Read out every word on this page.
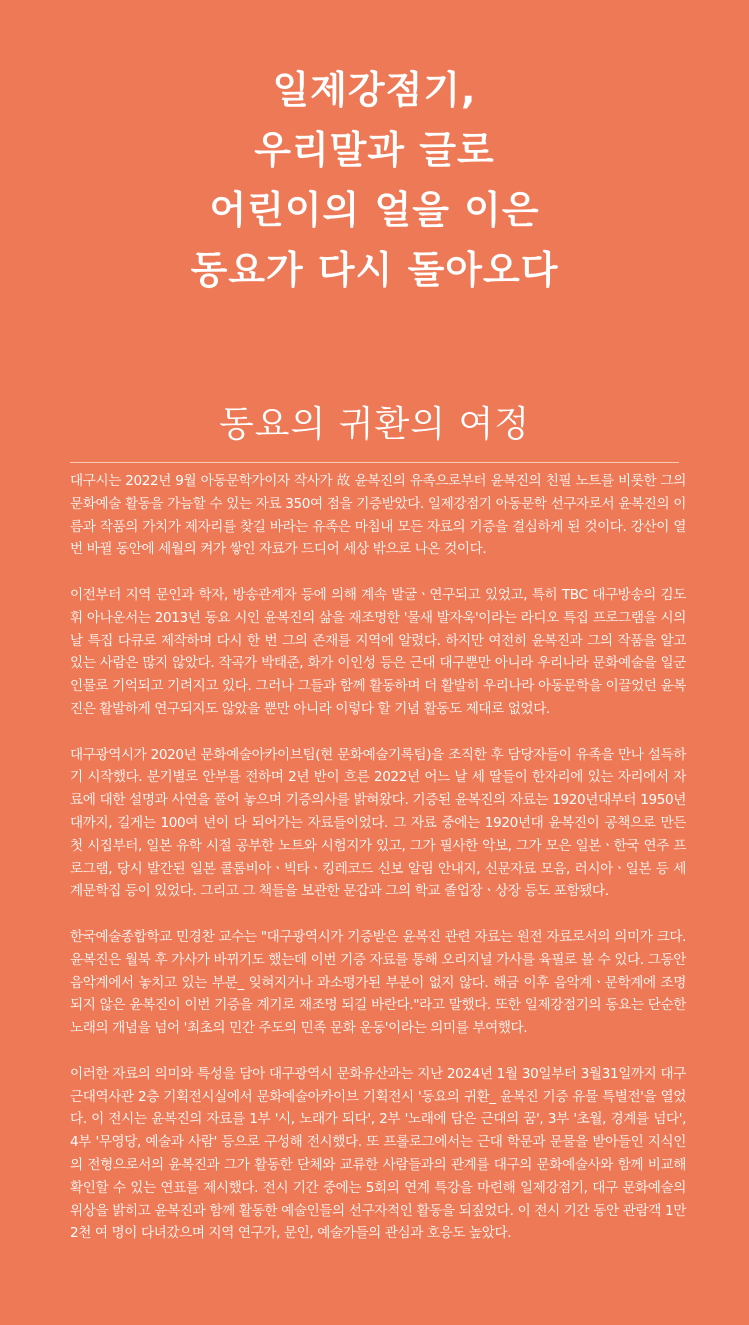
일제강점기,
우리말과 글로
어린이의 얼을 이은
동요가 다시 돌아오다
동요의 귀환의 여정

대구시는 2022년 9월 아동문학가이자 작사가 故 윤복진의 유족으로부터 윤복진의 친필 노트를 비롯한 그의 문화예술 활동을 가늠할 수 있는 자료 350여 점을 기증받았다. 일제강점기 아동문학 선구자로서 윤복진의 이름과 작품의 가치가 제자리를 찾길 바라는 유족은 마침내 모든 자료의 기증을 결심하게 된 것이다. 강산이 열 번 바뀔 동안에 세월의 켜가 쌓인 자료가 드디어 세상 밖으로 나온 것이다.

이전부터 지역 문인과 학자, 방송관계자 등에 의해 계속 발굴ㆍ연구되고 있었고, 특히 TBC 대구방송의 김도휘 아나운서는 2013년 동요 시인 윤복진의 삶을 재조명한 '물새 발자욱'이라는 라디오 특집 프로그램을 시의 날 특집 다큐로 제작하며 다시 한 번 그의 존재를 지역에 알렸다. 하지만 여전히 윤복진과 그의 작품을 알고 있는 사람은 많지 않았다. 작곡가 박태준, 화가 이인성 등은 근대 대구뿐만 아니라 우리나라 문화예술을 일군 인물로 기억되고 기려지고 있다. 그러나 그들과 함께 활동하며 더 활발히 우리나라 아동문학을 이끌었던 윤복진은 활발하게 연구되지도 않았을 뿐만 아니라 이렇다 할 기념 활동도 제대로 없었다.

대구광역시가 2020년 문화예술아카이브팀(현 문화예술기록팀)을 조직한 후 담당자들이 유족을 만나 설득하기 시작했다. 분기별로 안부를 전하며 2년 반이 흐른 2022년 어느 날 세 딸들이 한자리에 있는 자리에서 자료에 대한 설명과 사연을 풀어 놓으며 기증의사를 밝혀왔다. 기증된 윤복진의 자료는 1920년대부터 1950년대까지, 길게는 100여 년이 다 되어가는 자료들이었다. 그 자료 중에는 1920년대 윤복진이 공책으로 만든 첫 시집부터, 일본 유학 시절 공부한 노트와 시험지가 있고, 그가 필사한 악보, 그가 모은 일본ㆍ한국 연주 프로그램, 당시 발간된 일본 콜롬비아ㆍ빅타ㆍ킹레코드 신보 알림 안내지, 신문자료 모음, 러시아ㆍ일본 등 세계문학집 등이 있었다. 그리고 그 책들을 보관한 문갑과 그의 학교 졸업장ㆍ상장 등도 포함됐다.

한국예술종합학교 민경찬 교수는 "대구광역시가 기증받은 윤복진 관련 자료는 원전 자료로서의 의미가 크다. 윤복진은 월북 후 가사가 바뀌기도 했는데 이번 기증 자료를 통해 오리지널 가사를 육필로 볼 수 있다. 그동안 음악계에서 놓치고 있는 부분_ 잊혀지거나 과소평가된 부분이 없지 않다. 해금 이후 음악계ㆍ문학계에 조명되지 않은 윤복진이 이번 기증을 계기로 재조명 되길 바란다."라고 말했다. 또한 일제강점기의 동요는 단순한 노래의 개념을 넘어 '최초의 민간 주도의 민족 문화 운동'이라는 의미를 부여했다.

이러한 자료의 의미와 특성을 담아 대구광역시 문화유산과는 지난 2024년 1월 30일부터 3월31일까지 대구근대역사관 2층 기획전시실에서 문화예술아카이브 기획전시 '동요의 귀환_ 윤복진 기증 유물 특별전'을 열었다. 이 전시는 윤복진의 자료를 1부 '시, 노래가 되다', 2부 '노래에 담은 근대의 꿈', 3부 '초월, 경계를 넘다', 4부 '무영당, 예술과 사람' 등으로 구성해 전시했다. 또 프롤로그에서는 근대 학문과 문물을 받아들인 지식인의 전형으로서의 윤복진과 그가 활동한 단체와 교류한 사람들과의 관계를 대구의 문화예술사와 함께 비교해 확인할 수 있는 연표를 제시했다. 전시 기간 중에는 5회의 연계 특강을 마련해 일제강점기, 대구 문화예술의 위상을 밝히고 윤복진과 함께 활동한 예술인들의 선구자적인 활동을 되짚었다. 이 전시 기간 동안 관람객 1만 2천 여 명이 다녀갔으며 지역 연구가, 문인, 예술가들의 관심과 호응도 높았다.
